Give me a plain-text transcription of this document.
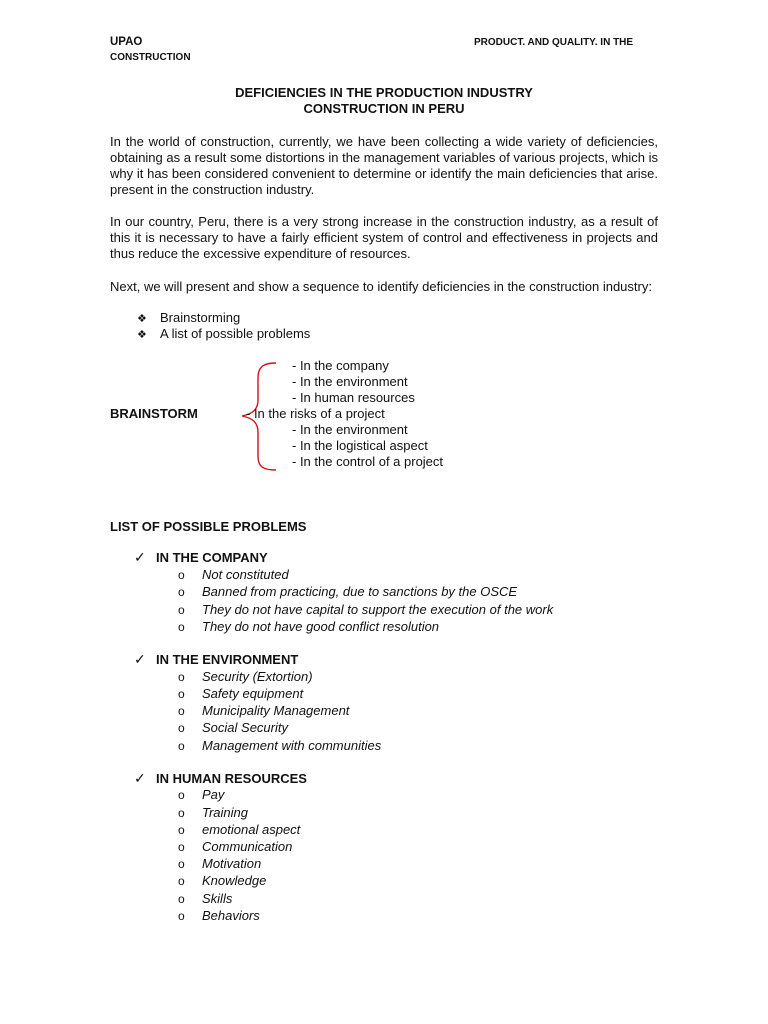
UPAO
CONSTRUCTION
PRODUCT. AND QUALITY. IN THE
DEFICIENCIES IN THE PRODUCTION INDUSTRY
CONSTRUCTION IN PERU
In the world of construction, currently, we have been collecting a wide variety of deficiencies, obtaining as a result some distortions in the management variables of various projects, which is why it has been considered convenient to determine or identify the main deficiencies that arise. present in the construction industry.
In our country, Peru, there is a very strong increase in the construction industry, as a result of this it is necessary to have a fairly efficient system of control and effectiveness in projects and thus reduce the excessive expenditure of resources.
Next, we will present and show a sequence to identify deficiencies in the construction industry:
❖ Brainstorming
❖ A list of possible problems
BRAINSTORM
- In the company
- In the environment
- In human resources
- In the risks of a project
- In the environment
- In the logistical aspect
- In the control of a project
LIST OF POSSIBLE PROBLEMS
✓ IN THE COMPANY
o Not constituted
o Banned from practicing, due to sanctions by the OSCE
o They do not have capital to support the execution of the work
o They do not have good conflict resolution
✓ IN THE ENVIRONMENT
o Security (Extortion)
o Safety equipment
o Municipality Management
o Social Security
o Management with communities
✓ IN HUMAN RESOURCES
o Pay
o Training
o emotional aspect
o Communication
o Motivation
o Knowledge
o Skills
o Behaviors
